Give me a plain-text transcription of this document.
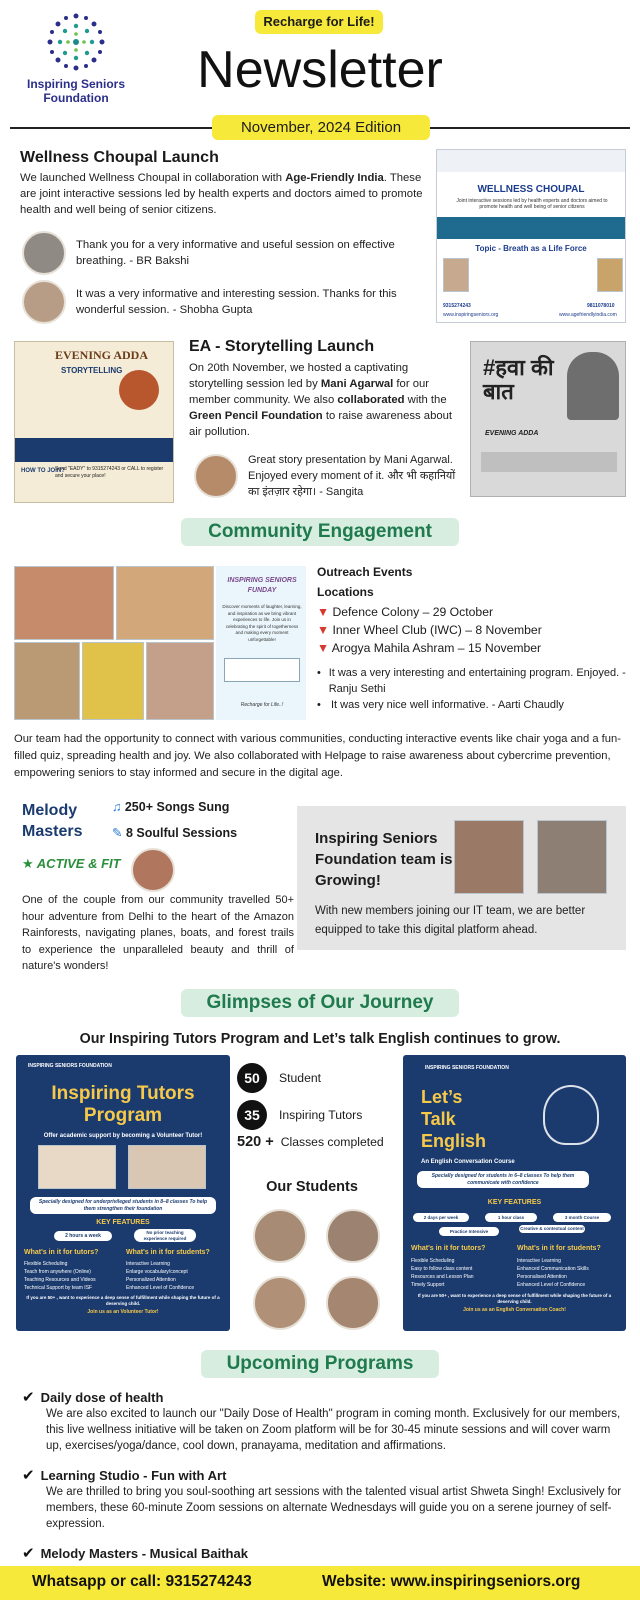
Inspiring Seniors
Foundation
Recharge for Life!
Newsletter
November, 2024 Edition
Wellness Choupal Launch
We launched Wellness Choupal in collaboration with Age-Friendly India. These are joint interactive sessions led by health experts and doctors aimed to promote health and well being of senior citizens.
Thank you for a very informative and useful session on effective breathing. - BR Bakshi
It was a very informative and interesting session. Thanks for this wonderful session. - Shobha Gupta
WELLNESS CHOUPAL
Joint interactive sessions led by health experts and doctors aimed to promote health and well being of senior citizens
Topic - Breath as a Life Force
9315274243	9811078010
www.inspiringseniors.org	www.agefriendlyindia.com
EVENING ADDA
STORYTELLING
HOW TO JOIN?
Send "EADY" to 9315274243 or CALL to register and secure your place!
EA - Storytelling Launch
On 20th November, we hosted a captivating storytelling session led by Mani Agarwal for our member community. We also collaborated with the Green Pencil Foundation to raise awareness about air pollution.
Great story presentation by Mani Agarwal. Enjoyed every moment of it. और भी कहानियों का इंतज़ार रहेगा। - Sangita
#हवा की बात
EVENING ADDA
Community Engagement
INSPIRING SENIORS FUNDAY
Discover moments of laughter, learning, and inspiration as we bring vibrant experiences to life. Join us in celebrating the spirit of togetherness and making every moment unforgettable!
Recharge for Life..!
Outreach Events
Locations
▼ Defence Colony – 29 October
▼ Inner Wheel Club (IWC) – 8 November
▼ Arogya Mahila Ashram – 15 November
• It was a very interesting and entertaining program. Enjoyed. - Ranju Sethi
• It was very nice well informative. - Aarti Chaudly
Our team had the opportunity to connect with various communities, conducting interactive events like chair yoga and a fun-filled quiz, spreading health and joy. We also collaborated with Helpage to raise awareness about cybercrime prevention, empowering seniors to stay informed and secure in the digital age.
Melody
Masters
♫ 250+ Songs Sung
✎ 8 Soulful Sessions
★ ACTIVE & FIT
One of the couple from our community travelled 50+ hour adventure from Delhi to the heart of the Amazon Rainforests, navigating planes, boats, and forest trails to experience the unparalleled beauty and thrill of nature's wonders!
Inspiring Seniors Foundation team is Growing!
With new members joining our IT team, we are better equipped to take this digital platform ahead.
Glimpses of Our Journey
Our Inspiring Tutors Program and Let’s talk English continues to grow.
INSPIRING SENIORS FOUNDATION
Inspiring Tutors
Program
Offer academic support by becoming a Volunteer Tutor!
Specially designed for underprivileged students in 8–8 classes To help them strengthen their foundation
KEY FEATURES
2 hours a week
No prior teaching experience required
What's in it for tutors?	What's in it for students?
Flexible Scheduling
Teach from anywhere (Online)
Teaching Resources and Videos
Technical Support by team ISF
Interactive Learning
Enlarge vocabulary/concept
Personalized Attention
Enhanced Level of Confidence
If you are 50+ , want to experience a deep sense of fulfillment while shaping the future of a deserving child.
Join us as an Volunteer Tutor!
50	Student
35	Inspiring Tutors
520 + Classes completed
Our Students
INSPIRING SENIORS FOUNDATION
Let’s
Talk
English
An English Conversation Course
Specially designed for students in 6–8 classes To help them communicate with confidence
KEY FEATURES
2 days per week	1 hour class	3 month Course
Practice Intensive
Creative & contextual content
What's in it for tutors?	What's in it for students?
Flexible Scheduling
Easy to follow class content
Resources and Lesson Plan
Timely Support
Interactive Learning
Enhanced Communication Skills
Personalised Attention
Enhanced Level of Confidence
If you are 50+ , want to experience a deep sense of fulfillment while shaping the future of a deserving child.
Join us as an English Conversation Coach!
Upcoming Programs
✔ Daily dose of health
We are also excited to launch our "Daily Dose of Health" program in coming month. Exclusively for our members, this live wellness initiative will be taken on Zoom platform will be for 30-45 minute sessions and will cover warm up, exercises/yoga/dance, cool down, pranayama, meditation and affirmations.
✔ Learning Studio - Fun with Art
We are thrilled to bring you soul-soothing art sessions with the talented visual artist Shweta Singh! Exclusively for members, these 60-minute Zoom sessions on alternate Wednesdays will guide you on a serene journey of self-expression.
✔ Melody Masters - Musical Baithak
Whatsapp or call: 9315274243	Website: www.inspiringseniors.org
